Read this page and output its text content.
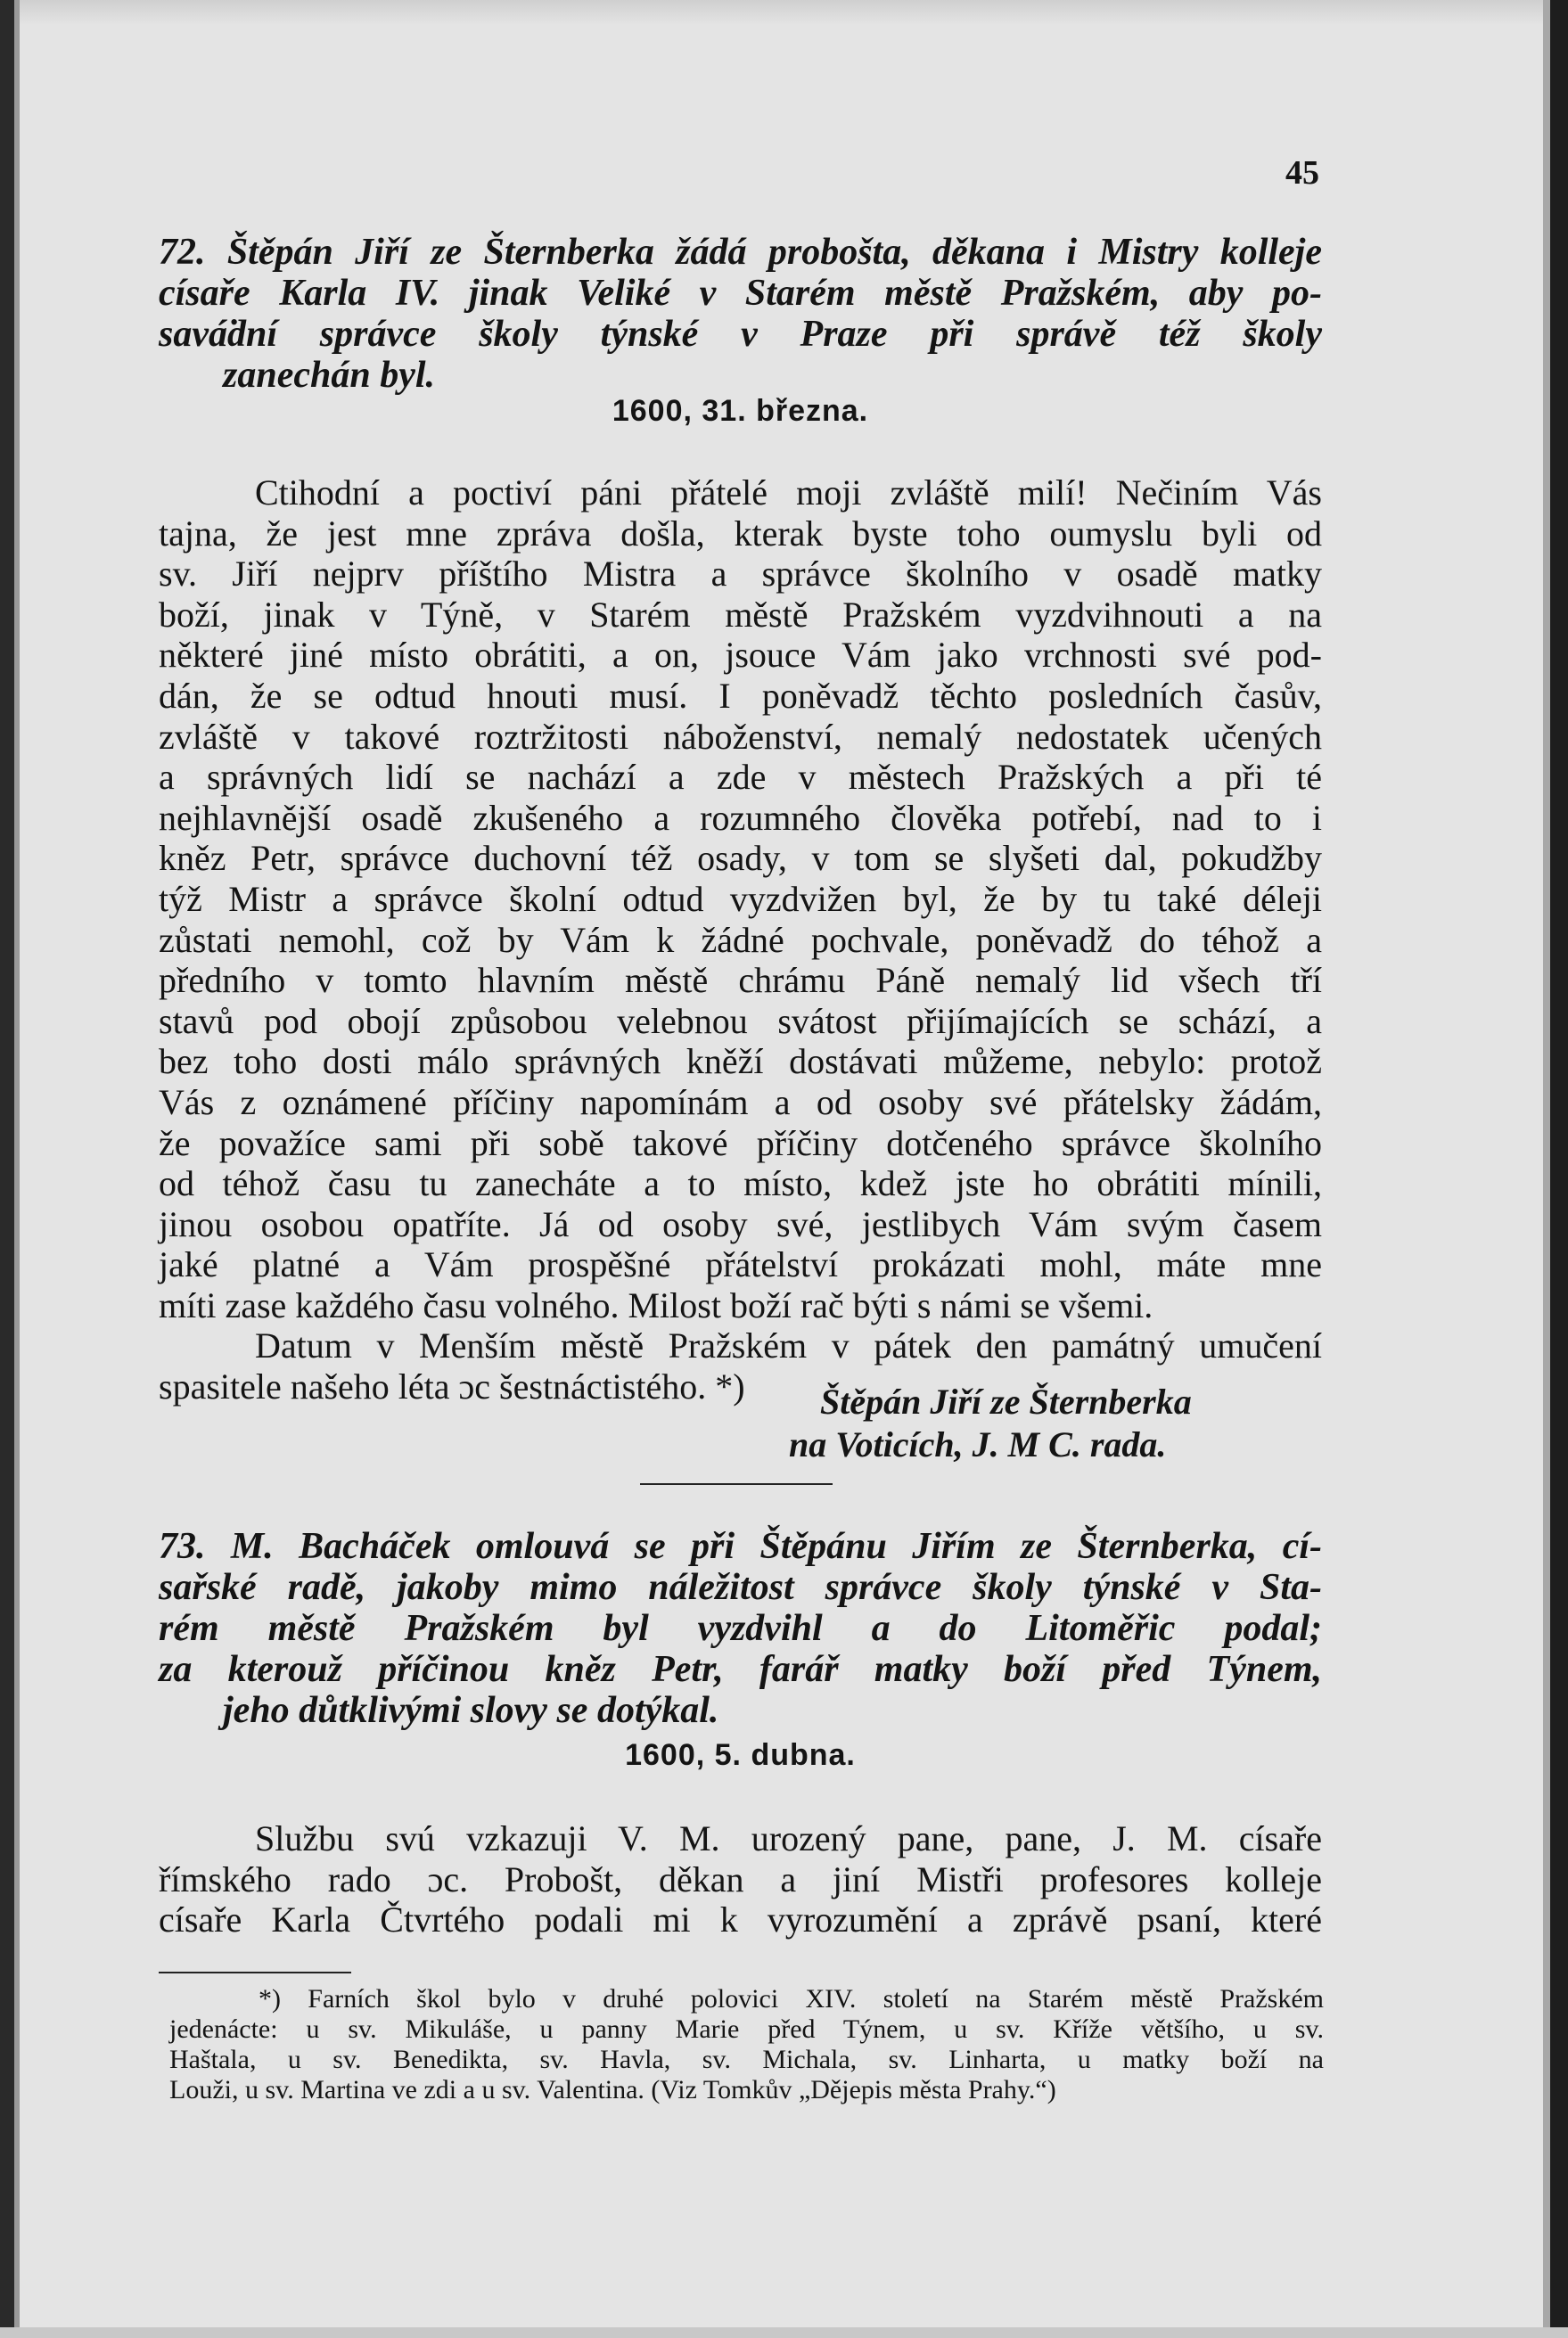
45

72. Štěpán Jiří ze Šternberka žádá probošta, děkana i Mistry kolleje

císaře Karla IV. jinak Veliké v Starém městě Pražském, aby po-

saváḋní správce školy týnské v Praze při správě též školy

zanechán byl.

1600, 31. března.

Ctihodní a poctiví páni přátelé moji zvláště milí! Nečiním Vás

tajna, že jest mne zpráva došla, kterak byste toho oumyslu byli od

sv. Jiří nejprv příštího Mistra a správce školního v osadě matky

boží, jinak v Týně, v Starém městě Pražském vyzdvihnouti a na

některé jiné místo obrátiti, a on, jsouce Vám jako vrchnosti své pod-

dán, že se odtud hnouti musí. I poněvadž těchto posledních časův,

zvláště v takové roztržitosti náboženství, nemalý nedostatek učených

a správných lidí se nachází a zde v městech Pražských a při té

nejhlavnější osadě zkušeného a rozumného člověka potřebí, nad to i

kněz Petr, správce duchovní též osady, v tom se slyšeti dal, pokudžby

týž Mistr a správce školní odtud vyzdvižen byl, že by tu také déleji

zůstati nemohl, což by Vám k žádné pochvale, poněvadž do téhož a

předního v tomto hlavním městě chrámu Páně nemalý lid všech tří

stavů pod obojí způsobou velebnou svátost přijímajících se schází, a

bez toho dosti málo správných kněží dostávati můžeme, nebylo: protož

Vás z oznámené příčiny napomínám a od osoby své přátelsky žádám,

že považíce sami při sobě takové příčiny dotčeného správce školního

od téhož času tu zanecháte a to místo, kdež jste ho obrátiti mínili,

jinou osobou opatříte. Já od osoby své, jestlibych Vám svým časem

jaké platné a Vám prospěšné přátelství prokázati mohl, máte mne

míti zase každého času volného. Milost boží rač býti s námi se všemi.

Datum v Menším městě Pražském v pátek den památný umučení

spasitele našeho léta ɔc šestnáctistého. *)	Štěpán Jiří ze Šternberka
na Voticích, J. M C. rada.

73. M. Bacháček omlouvá se při Štěpánu Jiřím ze Šternberka, cí-

sařské radě, jakoby mimo náležitost správce školy týnské v Sta-

rém městě Pražském byl vyzdvihl a do Litoměřic podal;

za kterouž příčinou kněz Petr, farář matky boží před Týnem,

jeho důtklivými slovy se dotýkal.

1600, 5. dubna.

Službu svú vzkazuji V. M. urozený pane, pane, J. M. císaře

římského rado ɔc. Probošt, děkan a jiní Mistři profesores kolleje

císaře Karla Čtvrtého podali mi k vyrozumění a zprávě psaní, které

*) Farních škol bylo v druhé polovici XIV. století na Starém městě Pražském

jedenácte: u sv. Mikuláše, u panny Marie před Týnem, u sv. Kříže většího, u sv.

Haštala, u sv. Benedikta, sv. Havla, sv. Michala, sv. Linharta, u matky boží na

Louži, u sv. Martina ve zdi a u sv. Valentina. (Viz Tomkův „Dějepis města Prahy.“)
